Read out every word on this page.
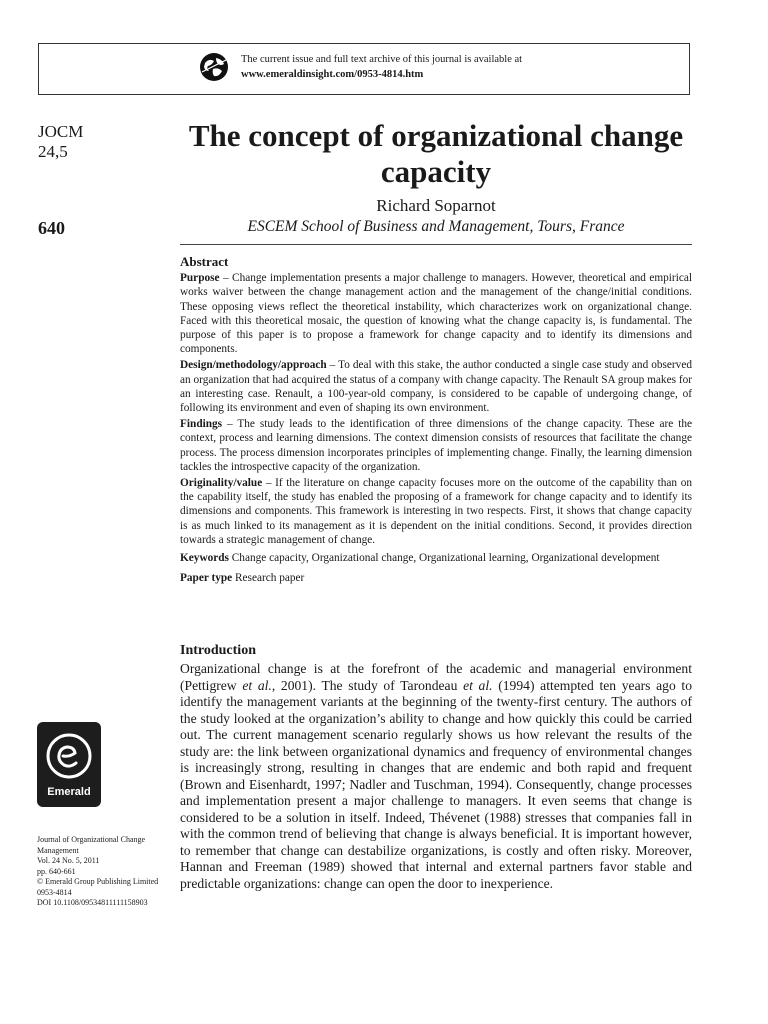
The current issue and full text archive of this journal is available at
www.emeraldinsight.com/0953-4814.htm
JOCM
24,5
640
The concept of organizational change capacity
Richard Soparnot
ESCEM School of Business and Management, Tours, France
Abstract

Purpose – Change implementation presents a major challenge to managers. However, theoretical and empirical works waiver between the change management action and the management of the change/initial conditions. These opposing views reflect the theoretical instability, which characterizes work on organizational change. Faced with this theoretical mosaic, the question of knowing what the change capacity is, is fundamental. The purpose of this paper is to propose a framework for change capacity and to identify its dimensions and components.

Design/methodology/approach – To deal with this stake, the author conducted a single case study and observed an organization that had acquired the status of a company with change capacity. The Renault SA group makes for an interesting case. Renault, a 100-year-old company, is considered to be capable of undergoing change, of following its environment and even of shaping its own environment.

Findings – The study leads to the identification of three dimensions of the change capacity. These are the context, process and learning dimensions. The context dimension consists of resources that facilitate the change process. The process dimension incorporates principles of implementing change. Finally, the learning dimension tackles the introspective capacity of the organization.

Originality/value – If the literature on change capacity focuses more on the outcome of the capability than on the capability itself, the study has enabled the proposing of a framework for change capacity and to identify its dimensions and components. This framework is interesting in two respects. First, it shows that change capacity is as much linked to its management as it is dependent on the initial conditions. Second, it provides direction towards a strategic management of change.

Keywords Change capacity, Organizational change, Organizational learning, Organizational development

Paper type Research paper

Introduction

Organizational change is at the forefront of the academic and managerial environment (Pettigrew et al., 2001). The study of Tarondeau et al. (1994) attempted ten years ago to identify the management variants at the beginning of the twenty-first century. The authors of the study looked at the organization’s ability to change and how quickly this could be carried out. The current management scenario regularly shows us how relevant the results of the study are: the link between organizational dynamics and frequency of environmental changes is increasingly strong, resulting in changes that are endemic and both rapid and frequent (Brown and Eisenhardt, 1997; Nadler and Tuschman, 1994). Consequently, change processes and implementation present a major challenge to managers. It even seems that change is considered to be a solution in itself. Indeed, Thévenet (1988) stresses that companies fall in with the common trend of believing that change is always beneficial. It is important however, to remember that change can destabilize organizations, is costly and often risky. Moreover, Hannan and Freeman (1989) showed that internal and external partners favor stable and predictable organizations: change can open the door to inexperience.

Emerald
Journal of Organizational Change
Management
Vol. 24 No. 5, 2011
pp. 640-661
© Emerald Group Publishing Limited
0953-4814
DOI 10.1108/09534811111158903
